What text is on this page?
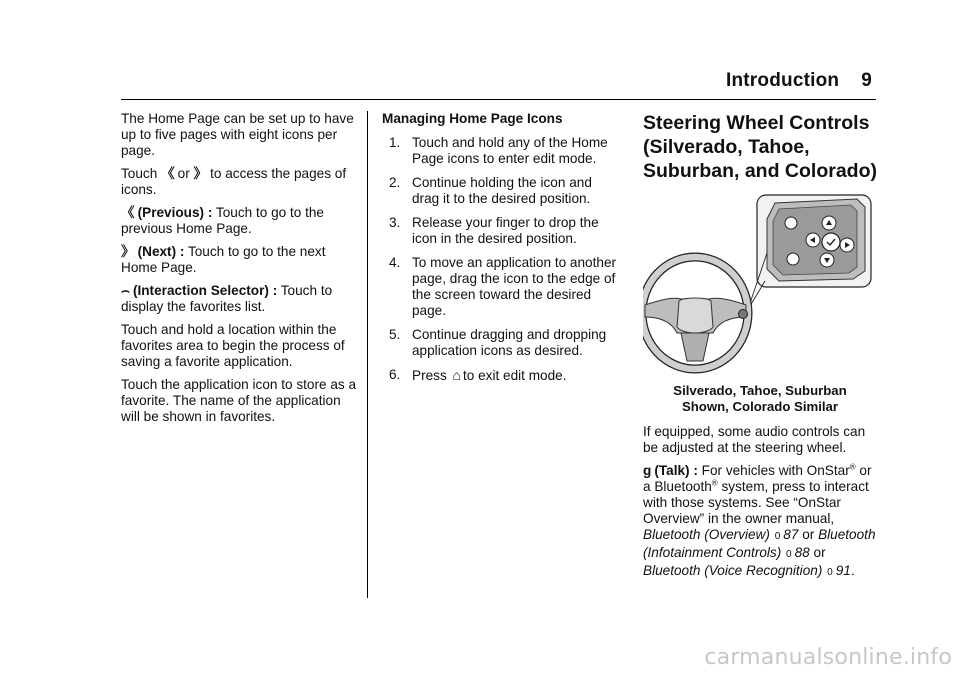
Introduction 9

The Home Page can be set up to have up to five pages with eight icons per page.

Touch 《 or 》 to access the pages of icons.

《 (Previous) : Touch to go to the previous Home Page.

》 (Next) : Touch to go to the next Home Page.

⌢ (Interaction Selector) : Touch to display the favorites list.

Touch and hold a location within the favorites area to begin the process of saving a favorite application.

Touch the application icon to store as a favorite. The name of the application will be shown in favorites.

Managing Home Page Icons
1. Touch and hold any of the Home Page icons to enter edit mode.
2. Continue holding the icon and drag it to the desired position.
3. Release your finger to drop the icon in the desired position.
4. To move an application to another page, drag the icon to the edge of the screen toward the desired page.
5. Continue dragging and dropping application icons as desired.
6. Press ⌂ to exit edit mode.
Steering Wheel Controls (Silverado, Tahoe, Suburban, and Colorado)
Silverado, Tahoe, Suburban
Shown, Colorado Similar

If equipped, some audio controls can be adjusted at the steering wheel.

ɡ (Talk) : For vehicles with OnStar® or a Bluetooth® system, press to interact with those systems. See “OnStar Overview” in the owner manual, Bluetooth (Overview) 0 87 or Bluetooth (Infotainment Controls) 0 88 or Bluetooth (Voice Recognition) 0 91.

carmanualsonline.info
